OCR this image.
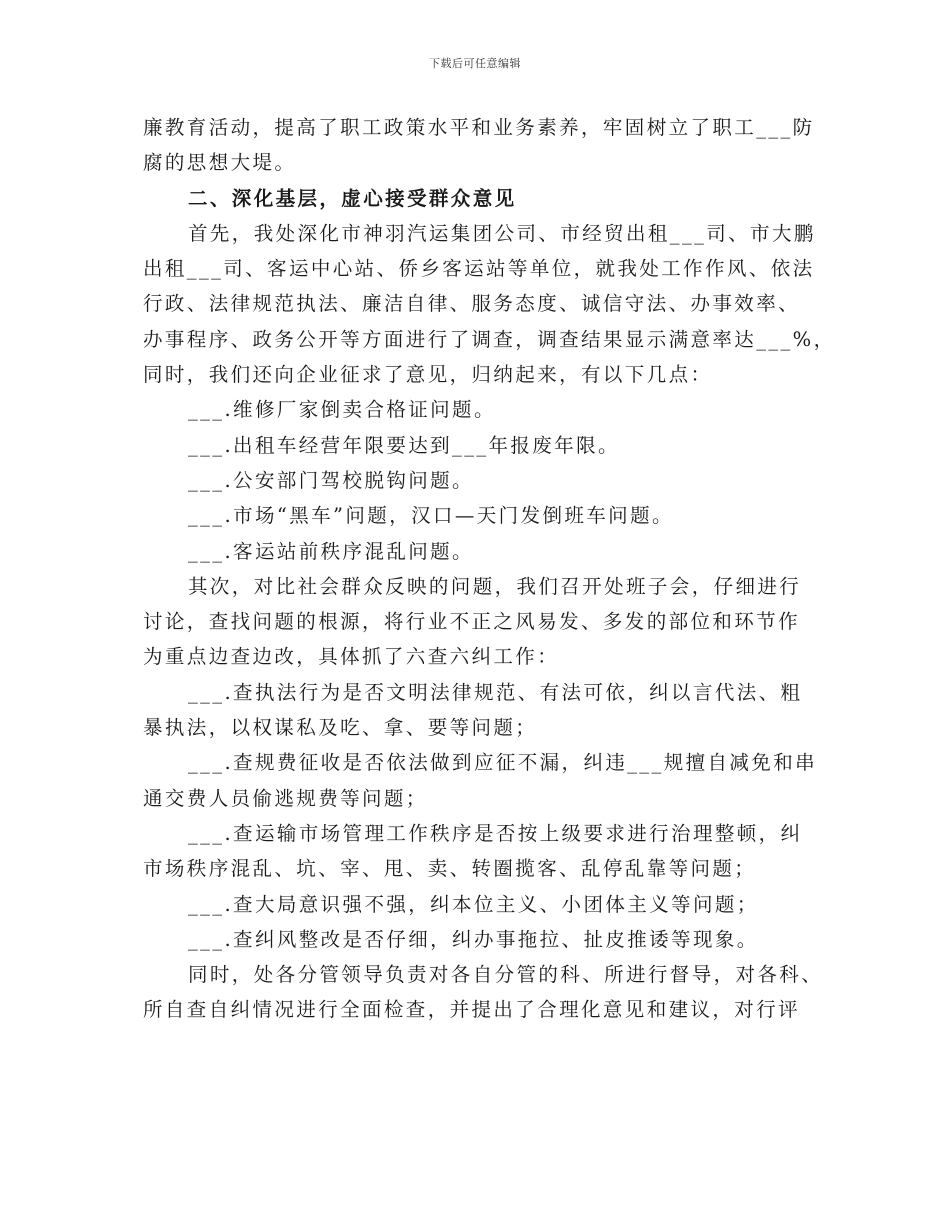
下载后可任意编辑
廉教育活动，提高了职工政策水平和业务素养，牢固树立了职工___防
腐的思想大堤。
二、深化基层，虚心接受群众意见
首先，我处深化市神羽汽运集团公司、市经贸出租___司、市大鹏
出租___司、客运中心站、侨乡客运站等单位，就我处工作作风、依法
行政、法律规范执法、廉洁自律、服务态度、诚信守法、办事效率、
办事程序、政务公开等方面进行了调查，调查结果显示满意率达___%，
同时，我们还向企业征求了意见，归纳起来，有以下几点：
___.维修厂家倒卖合格证问题。
___.出租车经营年限要达到___年报废年限。
___.公安部门驾校脱钩问题。
___.市场“黑车”问题，汉口—天门发倒班车问题。
___.客运站前秩序混乱问题。
其次，对比社会群众反映的问题，我们召开处班子会，仔细进行
讨论，查找问题的根源，将行业不正之风易发、多发的部位和环节作
为重点边查边改，具体抓了六查六纠工作：
___.查执法行为是否文明法律规范、有法可依，纠以言代法、粗
暴执法，以权谋私及吃、拿、要等问题；
___.查规费征收是否依法做到应征不漏，纠违___规擅自减免和串
通交费人员偷逃规费等问题；
___.查运输市场管理工作秩序是否按上级要求进行治理整顿，纠
市场秩序混乱、坑、宰、甩、卖、转圈揽客、乱停乱靠等问题；
___.查大局意识强不强，纠本位主义、小团体主义等问题；
___.查纠风整改是否仔细，纠办事拖拉、扯皮推诿等现象。
同时，处各分管领导负责对各自分管的科、所进行督导，对各科、
所自查自纠情况进行全面检查，并提出了合理化意见和建议，对行评
